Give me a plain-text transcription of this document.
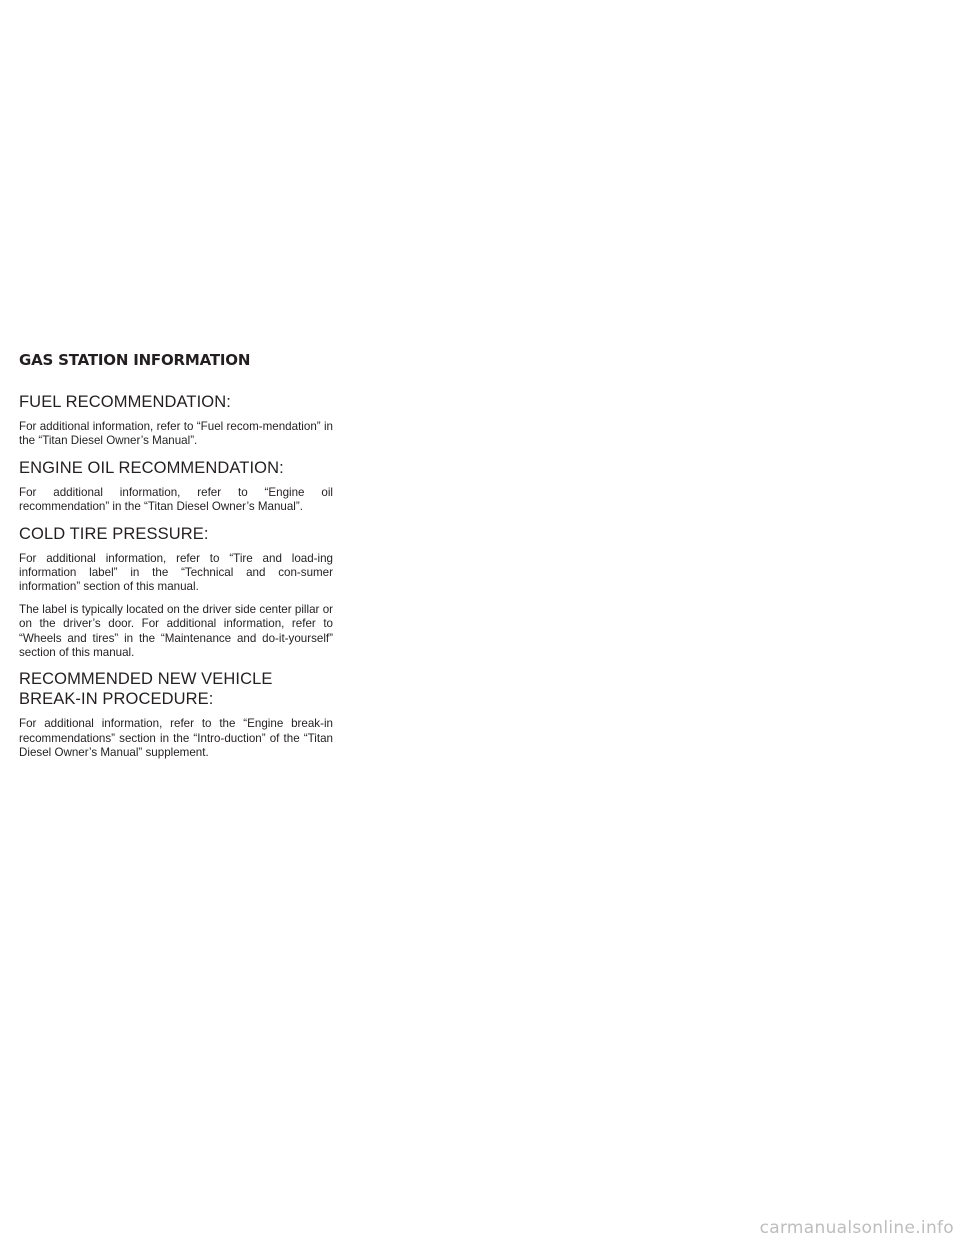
GAS STATION INFORMATION
FUEL RECOMMENDATION:

For additional information, refer to “Fuel recom-mendation” in the “Titan Diesel Owner’s Manual”.

ENGINE OIL RECOMMENDATION:

For additional information, refer to “Engine oil recommendation” in the “Titan Diesel Owner’s Manual”.

COLD TIRE PRESSURE:

For additional information, refer to “Tire and load-ing information label” in the “Technical and con-sumer information” section of this manual.

The label is typically located on the driver side center pillar or on the driver’s door. For additional information, refer to “Wheels and tires” in the “Maintenance and do-it-yourself” section of this manual.

RECOMMENDED NEW VEHICLE
BREAK-IN PROCEDURE:

For additional information, refer to the “Engine break-in recommendations” section in the “Intro-duction” of the “Titan Diesel Owner’s Manual” supplement.

carmanualsonline.info
